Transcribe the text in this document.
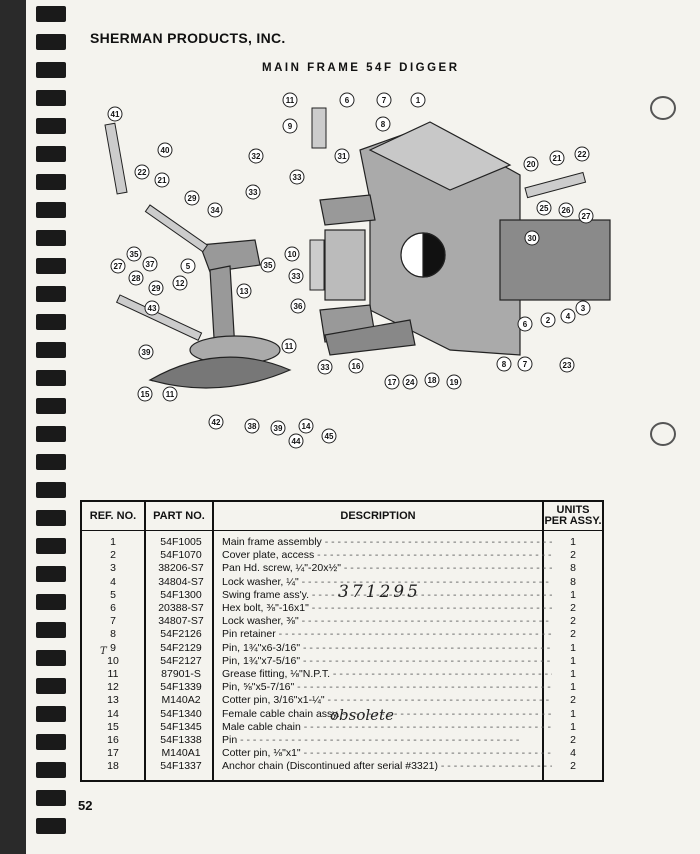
SHERMAN PRODUCTS, INC.
MAIN FRAME 54F DIGGER
11	6	7	1
9	8
41
40
32	31
20
21 22
22
21	33
29
33
34	25 26
27
30
35	10
37	5	35
27
28	33
12
29	13
36
43	3
2 4
6
11
39
8 7
33	16	23
17 24 18 19
15 11
42	38 39 14
44
45
REF. NO.	PART NO.	DESCRIPTION	UNITS PER ASSY.
1	54F1005	Main frame assembly - - -	1
2	54F1070	Cover plate, access - - -	2
3	38206-S7	Pan Hd. screw, ¼"-20x½" - - -	8
4	34804-S7	Lock washer, ¼" - - -	8
5	54F1300	Swing frame ass'y. - - -	1
6	20388-S7	Hex bolt, ⅜"-16x1" - - -	2
7	34807-S7	Lock washer, ⅜" - - -	2
8	54F2126	Pin retainer - - -	2
9	54F2129	Pin, 1¾"x6-3/16" - - -	1
10	54F2127	Pin, 1¾"x7-5/16" - - -	1
11	87901-S	Grease fitting, ⅛"N.P.T. - - -	1
12	54F1339	Pin, ⅝"x5-7/16" - - -	1
13	M140A2	Cotter pin, 3/16"x1-¼" - - -	2
14	54F1340	Female cable chain assy. - - -	1
15	54F1345	Male cable chain - - -	1
16	54F1338	Pin - - -	2
17	M140A1	Cotter pin, ⅛"x1" - - -	4
18	54F1337	Anchor chain (Discontinued after serial #3321) - - -	2
371295
obsolete
T
52
